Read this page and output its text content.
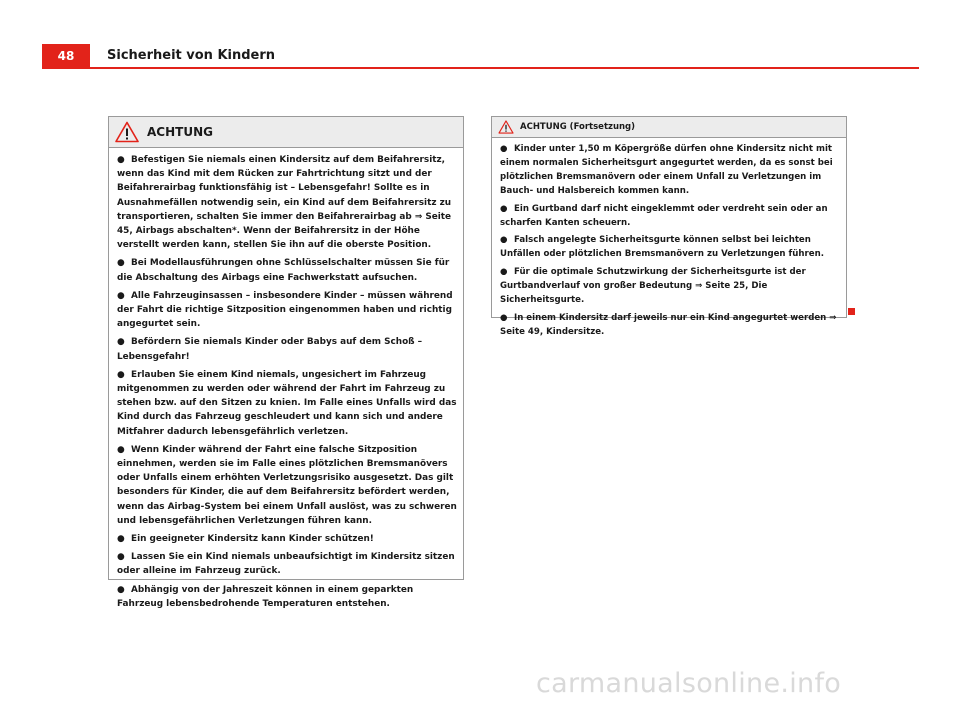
48	Sicherheit von Kindern
ACHTUNG
● Befestigen Sie niemals einen Kindersitz auf dem Beifahrersitz, wenn das Kind mit dem Rücken zur Fahrtrichtung sitzt und der Beifahrerairbag funktionsfähig ist – Lebensgefahr! Sollte es in Ausnahmefällen notwendig sein, ein Kind auf dem Beifahrersitz zu transportieren, schalten Sie immer den Beifahrerairbag ab ⇒ Seite 45, Airbags abschalten*. Wenn der Beifahrersitz in der Höhe verstellt werden kann, stellen Sie ihn auf die oberste Position.
● Bei Modellausführungen ohne Schlüsselschalter müssen Sie für die Abschaltung des Airbags eine Fachwerkstatt aufsuchen.
● Alle Fahrzeuginsassen – insbesondere Kinder – müssen während der Fahrt die richtige Sitzposition eingenommen haben und richtig angegurtet sein.
● Befördern Sie niemals Kinder oder Babys auf dem Schoß – Lebensgefahr!
● Erlauben Sie einem Kind niemals, ungesichert im Fahrzeug mitgenommen zu werden oder während der Fahrt im Fahrzeug zu stehen bzw. auf den Sitzen zu knien. Im Falle eines Unfalls wird das Kind durch das Fahrzeug geschleudert und kann sich und andere Mitfahrer dadurch lebensgefährlich verletzen.
● Wenn Kinder während der Fahrt eine falsche Sitzposition einnehmen, werden sie im Falle eines plötzlichen Bremsmanövers oder Unfalls einem erhöhten Verletzungsrisiko ausgesetzt. Das gilt besonders für Kinder, die auf dem Beifahrersitz befördert werden, wenn das Airbag-System bei einem Unfall auslöst, was zu schweren und lebensgefährlichen Verletzungen führen kann.
● Ein geeigneter Kindersitz kann Kinder schützen!
● Lassen Sie ein Kind niemals unbeaufsichtigt im Kindersitz sitzen oder alleine im Fahrzeug zurück.
● Abhängig von der Jahreszeit können in einem geparkten Fahrzeug lebensbedrohende Temperaturen entstehen.
ACHTUNG (Fortsetzung)
● Kinder unter 1,50 m Köpergröße dürfen ohne Kindersitz nicht mit einem normalen Sicherheitsgurt angegurtet werden, da es sonst bei plötzlichen Bremsmanövern oder einem Unfall zu Verletzungen im Bauch- und Halsbereich kommen kann.
● Ein Gurtband darf nicht eingeklemmt oder verdreht sein oder an scharfen Kanten scheuern.
● Falsch angelegte Sicherheitsgurte können selbst bei leichten Unfällen oder plötzlichen Bremsmanövern zu Verletzungen führen.
● Für die optimale Schutzwirkung der Sicherheitsgurte ist der Gurtbandverlauf von großer Bedeutung ⇒ Seite 25, Die Sicherheitsgurte.
● In einem Kindersitz darf jeweils nur ein Kind angegurtet werden ⇒ Seite 49, Kindersitze.
carmanualsonline.info
